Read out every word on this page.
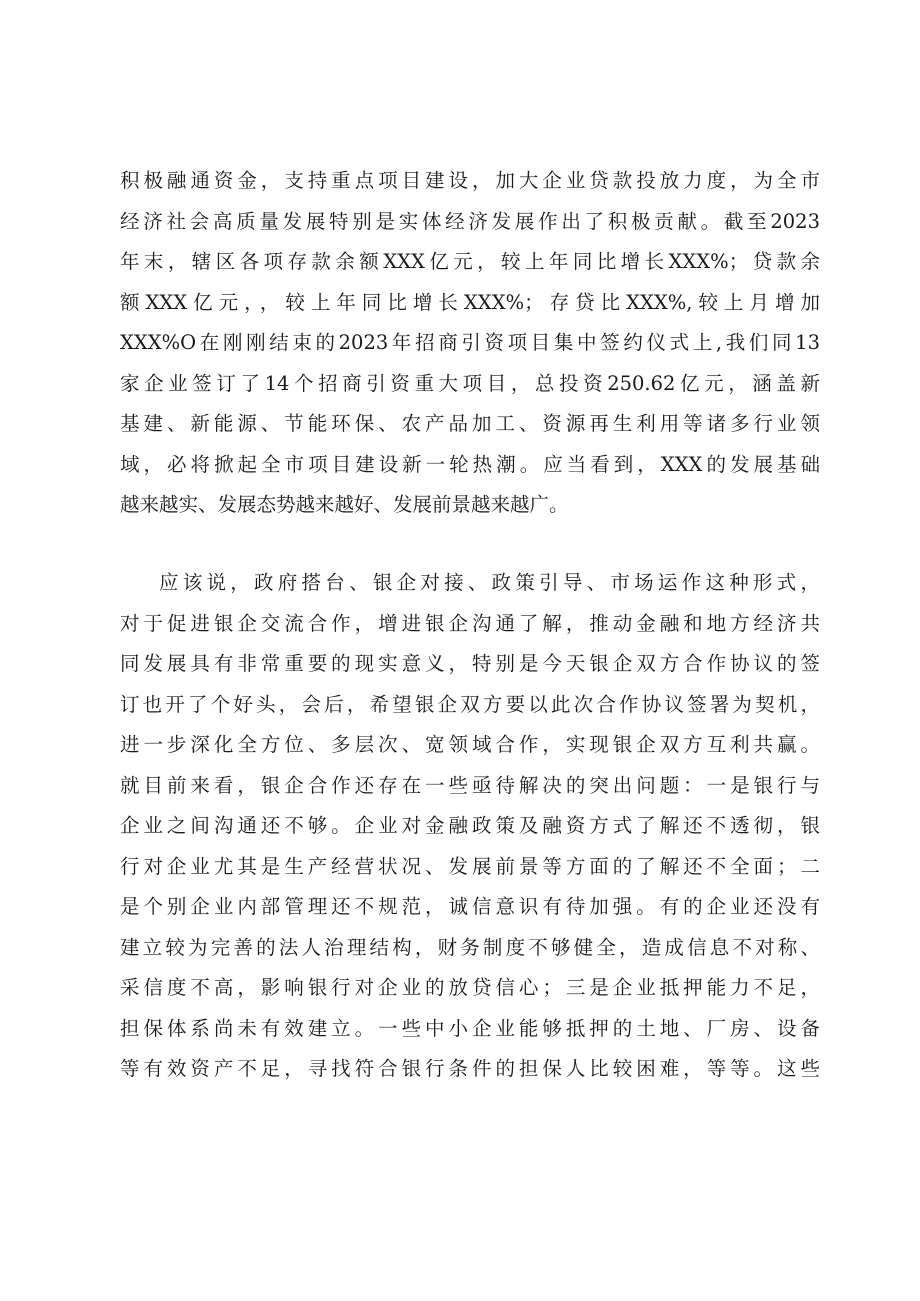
积极融通资金，支持重点项目建设，加大企业贷款投放力度，为全市
经济社会高质量发展特别是实体经济发展作出了积极贡献。截至2023
年末，辖区各项存款余额XXX亿元，较上年同比增长XXX%；贷款余
额XXX亿元，，较上年同比增长XXX%；存贷比XXX%,较上月增加
XXX%O在刚刚结束的2023年招商引资项目集中签约仪式上,我们同13
家企业签订了14个招商引资重大项目，总投资250.62亿元，涵盖新
基建、新能源、节能环保、农产品加工、资源再生利用等诸多行业领
域，必将掀起全市项目建设新一轮热潮。应当看到，XXX的发展基础
越来越实、发展态势越来越好、发展前景越来越广。
应该说，政府搭台、银企对接、政策引导、市场运作这种形式，
对于促进银企交流合作，增进银企沟通了解，推动金融和地方经济共
同发展具有非常重要的现实意义，特别是今天银企双方合作协议的签
订也开了个好头，会后，希望银企双方要以此次合作协议签署为契机，
进一步深化全方位、多层次、宽领域合作，实现银企双方互利共赢。
就目前来看，银企合作还存在一些亟待解决的突出问题：一是银行与
企业之间沟通还不够。企业对金融政策及融资方式了解还不透彻，银
行对企业尤其是生产经营状况、发展前景等方面的了解还不全面；二
是个别企业内部管理还不规范，诚信意识有待加强。有的企业还没有
建立较为完善的法人治理结构，财务制度不够健全，造成信息不对称、
采信度不高，影响银行对企业的放贷信心；三是企业抵押能力不足，
担保体系尚未有效建立。一些中小企业能够抵押的土地、厂房、设备
等有效资产不足，寻找符合银行条件的担保人比较困难，等等。这些
